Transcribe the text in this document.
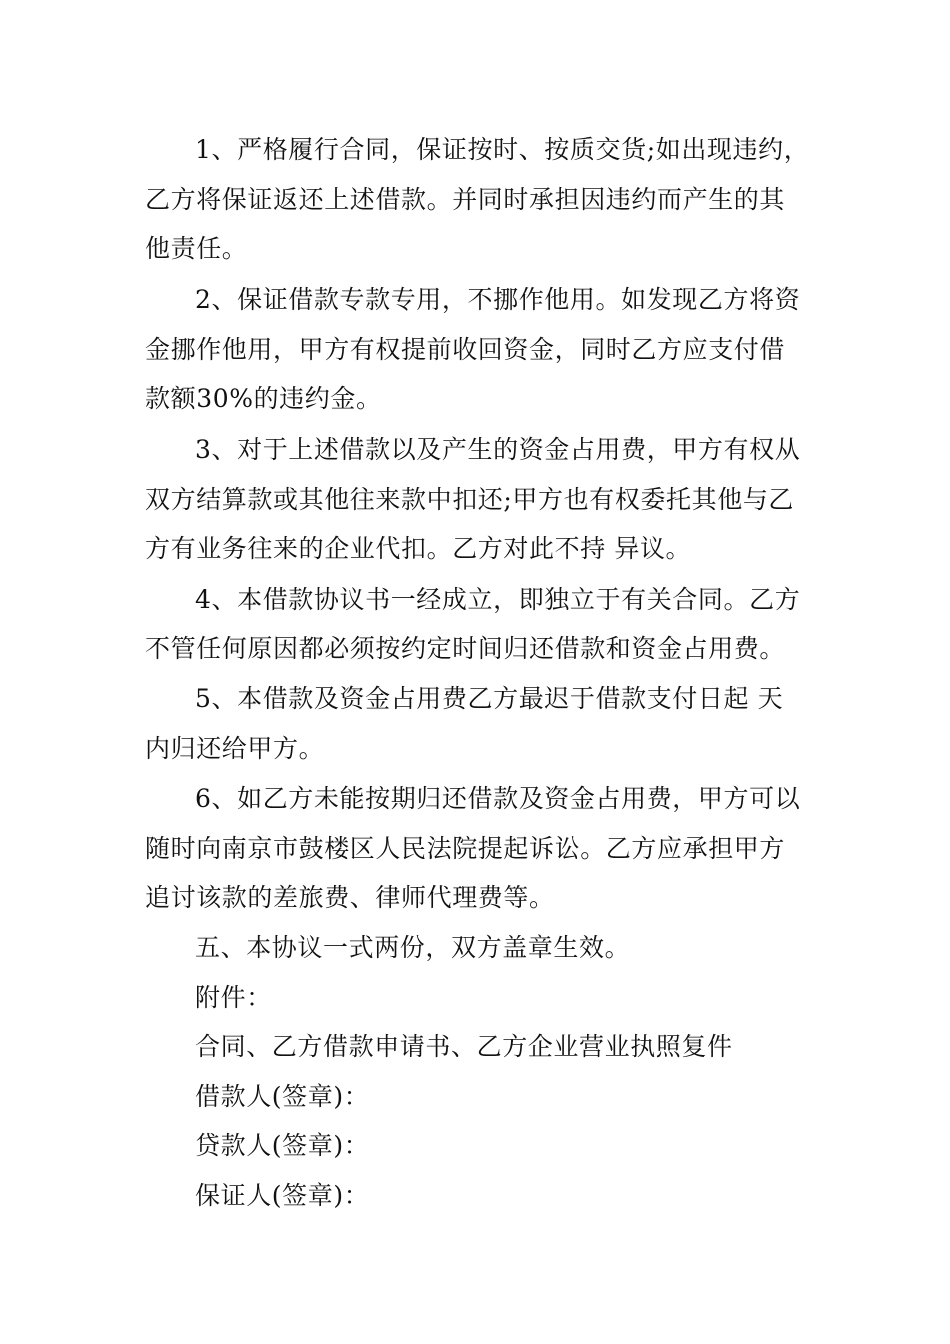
1、严格履行合同，保证按时、按质交货;如出现违约，
乙方将保证返还上述借款。并同时承担因违约而产生的其
他责任。
2、保证借款专款专用，不挪作他用。如发现乙方将资
金挪作他用，甲方有权提前收回资金，同时乙方应支付借
款额30%的违约金。
3、对于上述借款以及产生的资金占用费，甲方有权从
双方结算款或其他往来款中扣还;甲方也有权委托其他与乙
方有业务往来的企业代扣。乙方对此不持 异议。
4、本借款协议书一经成立，即独立于有关合同。乙方
不管任何原因都必须按约定时间归还借款和资金占用费。
5、本借款及资金占用费乙方最迟于借款支付日起 天
内归还给甲方。
6、如乙方未能按期归还借款及资金占用费，甲方可以
随时向南京市鼓楼区人民法院提起诉讼。乙方应承担甲方
追讨该款的差旅费、律师代理费等。
五、本协议一式两份，双方盖章生效。
附件：
合同、乙方借款申请书、乙方企业营业执照复件
借款人(签章)：
贷款人(签章)：
保证人(签章)：
